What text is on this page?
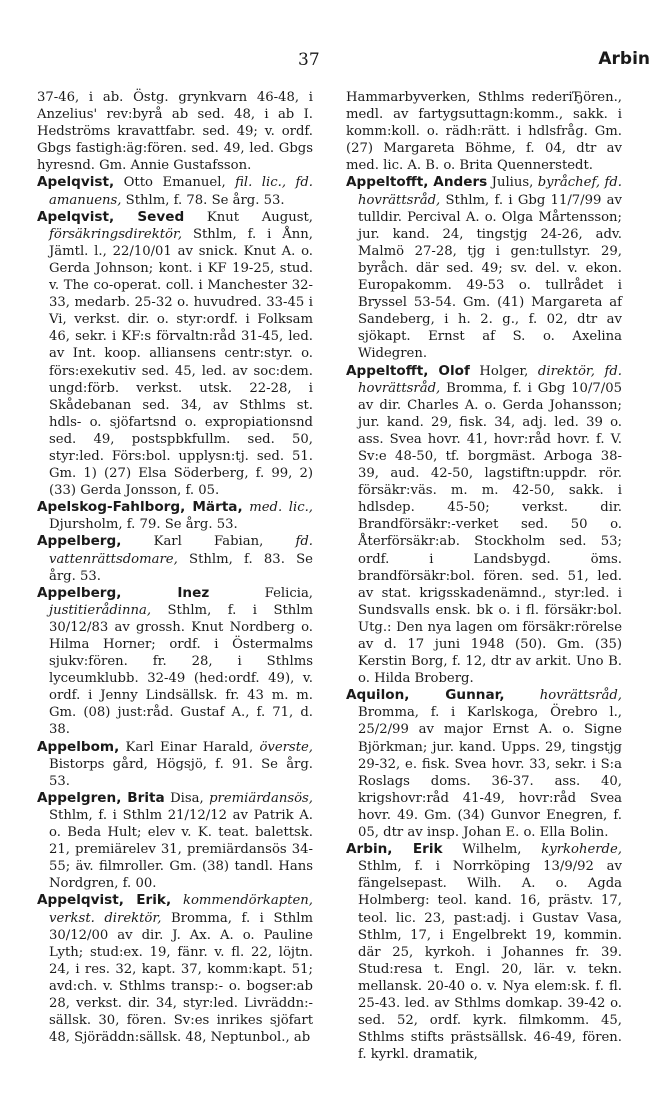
37	Arbin

37-46, i ab. Östg. grynkvarn 46-48, i Anzelius' rev:byrå ab sed. 48, i ab I. Hedströms kravattfabr. sed. 49; v. ordf. Gbgs fastigh:äg:fören. sed. 49, led. Gbgs hyresnd. Gm. Annie Gustafsson.

Apelqvist, Otto Emanuel, fil. lic., fd. amanuens, Sthlm, f. 78. Se årg. 53.

Apelqvist, Seved Knut August, försäkringsdirektör, Sthlm, f. i Ånn, Jämtl. l., 22/10/01 av snick. Knut A. o. Gerda Johnson; kont. i KF 19-25, stud. v. The co-operat. coll. i Manchester 32-33, medarb. 25-32 o. huvudred. 33-45 i Vi, verkst. dir. o. styr:ordf. i Folksam 46, sekr. i KF:s förvaltn:råd 31-45, led. av Int. koop. alliansens centr:styr. o. förs:exekutiv sed. 45, led. av soc:dem. ungd:förb. verkst. utsk. 22-28, i Skådebanan sed. 34, av Sthlms st. hdls- o. sjöfartsnd o. expropiationsnd sed. 49, postspbkfullm. sed. 50, styr:led. Förs:bol. upplysn:tj. sed. 51. Gm. 1) (27) Elsa Söderberg, f. 99, 2) (33) Gerda Jonsson, f. 05.

Apelskog-Fahlborg, Märta, med. lic., Djursholm, f. 79. Se årg. 53.

Appelberg, Karl Fabian, fd. vattenrättsdomare, Sthlm, f. 83. Se årg. 53.

Appelberg, Inez Felicia, justitierådinna, Sthlm, f. i Sthlm 30/12/83 av grossh. Knut Nordberg o. Hilma Horner; ordf. i Östermalms sjukv:fören. fr. 28, i Sthlms lyceumklubb. 32-49 (hed:ordf. 49), v. ordf. i Jenny Lindsällsk. fr. 43 m. m. Gm. (08) just:råd. Gustaf A., f. 71, d. 38.

Appelbom, Karl Einar Harald, överste, Bistorps gård, Högsjö, f. 91. Se årg. 53.

Appelgren, Brita Disa, premiärdansös, Sthlm, f. i Sthlm 21/12/12 av Patrik A. o. Beda Hult; elev v. K. teat. balettsk. 21, premiärelev 31, premiärdansös 34-55; äv. filmroller. Gm. (38) tandl. Hans Nordgren, f. 00.

Appelqvist, Erik, kommendörkapten, verkst. direktör, Bromma, f. i Sthlm 30/12/00 av dir. J. Ax. A. o. Pauline Lyth; stud:ex. 19, fänr. v. fl. 22, löjtn. 24, i res. 32, kapt. 37, komm:kapt. 51; avd:ch. v. Sthlms transp:- o. bogser:ab 28, verkst. dir. 34, styr:led. Livräddn:-sällsk. 30, fören. Sv:es inrikes sjöfart 48, Sjöräddn:sällsk. 48, Neptunbol., ab

Hammarbyverken, Sthlms rederiЂören., medl. av fartygsuttagn:komm., sakk. i komm:koll. o. rädh:rätt. i hdlsfråg. Gm. (27) Margareta Böhme, f. 04, dtr av med. lic. A. B. o. Brita Quennerstedt.

Appeltofft, Anders Julius, byråchef, fd. hovrättsråd, Sthlm, f. i Gbg 11/7/99 av tulldir. Percival A. o. Olga Mårtensson; jur. kand. 24, tingstjg 24-26, adv. Malmö 27-28, tjg i gen:tullstyr. 29, byråch. där sed. 49; sv. del. v. ekon. Europakomm. 49-53 o. tullrådet i Bryssel 53-54. Gm. (41) Margareta af Sandeberg, i h. 2. g., f. 02, dtr av sjökapt. Ernst af S. o. Axelina Widegren.

Appeltofft, Olof Holger, direktör, fd. hovrättsråd, Bromma, f. i Gbg 10/7/05 av dir. Charles A. o. Gerda Johansson; jur. kand. 29, fisk. 34, adj. led. 39 o. ass. Svea hovr. 41, hovr:råd hovr. f. V. Sv:e 48-50, tf. borgmäst. Arboga 38-39, aud. 42-50, lagstiftn:uppdr. rör. försäkr:väs. m. m. 42-50, sakk. i hdlsdep. 45-50; verkst. dir. Brandförsäkr:-verket sed. 50 o. Återförsäkr:ab. Stockholm sed. 53; ordf. i Landsbygd. öms. brandförsäkr:bol. fören. sed. 51, led. av stat. krigsskadenämnd., styr:led. i Sundsvalls ensk. bk o. i fl. försäkr:bol. Utg.: Den nya lagen om försäkr:rörelse av d. 17 juni 1948 (50). Gm. (35) Kerstin Borg, f. 12, dtr av arkit. Uno B. o. Hilda Broberg.

Aquilon, Gunnar,	hovrättsråd, Bromma, f. i Karlskoga, Örebro l., 25/2/99 av major Ernst A. o. Signe Björkman; jur. kand. Upps. 29, tingstjg 29-32, e. fisk. Svea hovr. 33, sekr. i S:a Roslags doms. 36-37. ass. 40, krigshovr:råd 41-49, hovr:råd Svea hovr. 49. Gm. (34) Gunvor Enegren, f. 05, dtr av insp. Johan E. o. Ella Bolin.

Arbin, Erik Wilhelm, kyrkoherde, Sthlm, f. i Norrköping 13/9/92 av fängelsepast. Wilh. A. o. Agda Holmberg: teol. kand. 16, prästv. 17, teol. lic. 23, past:adj. i Gustav Vasa, Sthlm, 17, i Engelbrekt 19, kommin. där 25, kyrkoh. i Johannes fr. 39. Stud:resa t. Engl. 20, lär. v. tekn. mellansk. 20-40 o. v. Nya elem:sk. f. fl. 25-43. led. av Sthlms domkap. 39-42 o. sed. 52, ordf. kyrk. filmkomm. 45, Sthlms stifts prästsällsk. 46-49, fören. f. kyrkl. dramatik,
